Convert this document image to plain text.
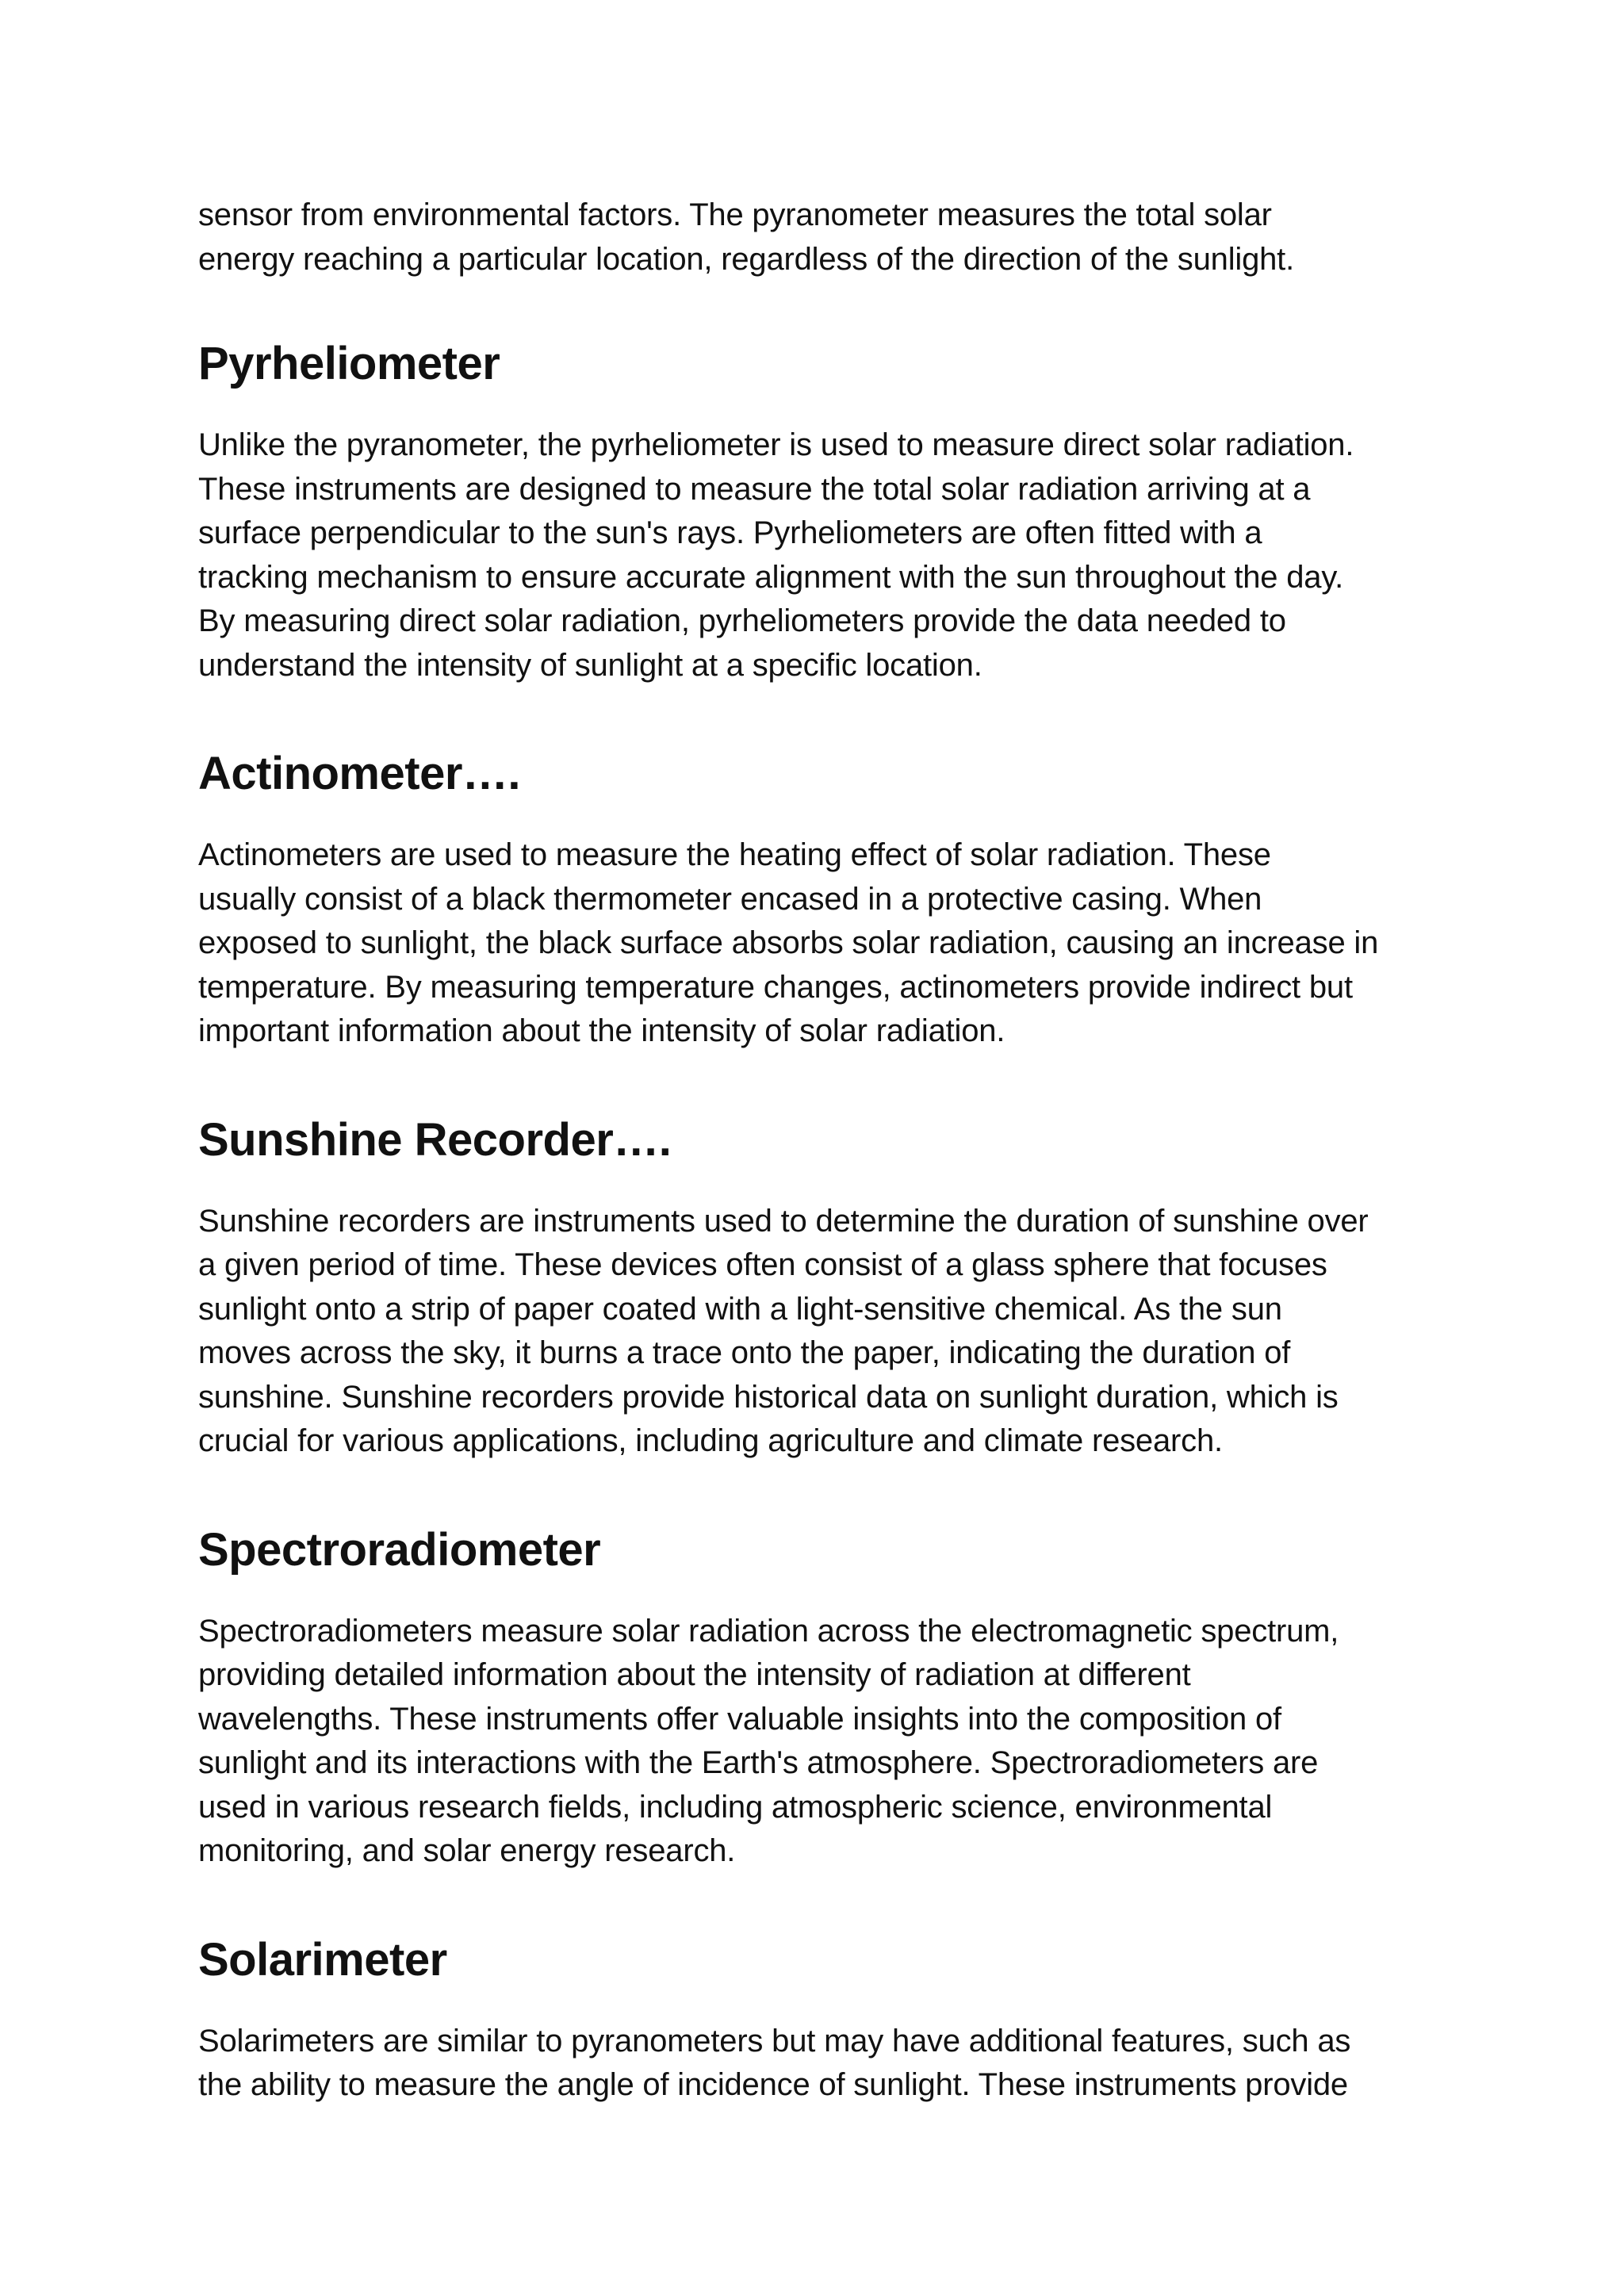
sensor from environmental factors. The pyranometer measures the total solar
energy reaching a particular location, regardless of the direction of the sunlight.

Pyrheliometer

Unlike the pyranometer, the pyrheliometer is used to measure direct solar radiation.
These instruments are designed to measure the total solar radiation arriving at a
surface perpendicular to the sun's rays. Pyrheliometers are often fitted with a
tracking mechanism to ensure accurate alignment with the sun throughout the day.
By measuring direct solar radiation, pyrheliometers provide the data needed to
understand the intensity of sunlight at a specific location.

Actinometer….

Actinometers are used to measure the heating effect of solar radiation. These
usually consist of a black thermometer encased in a protective casing. When
exposed to sunlight, the black surface absorbs solar radiation, causing an increase in
temperature. By measuring temperature changes, actinometers provide indirect but
important information about the intensity of solar radiation.

Sunshine Recorder….

Sunshine recorders are instruments used to determine the duration of sunshine over
a given period of time. These devices often consist of a glass sphere that focuses
sunlight onto a strip of paper coated with a light-sensitive chemical. As the sun
moves across the sky, it burns a trace onto the paper, indicating the duration of
sunshine. Sunshine recorders provide historical data on sunlight duration, which is
crucial for various applications, including agriculture and climate research.

Spectroradiometer

Spectroradiometers measure solar radiation across the electromagnetic spectrum,
providing detailed information about the intensity of radiation at different
wavelengths. These instruments offer valuable insights into the composition of
sunlight and its interactions with the Earth's atmosphere. Spectroradiometers are
used in various research fields, including atmospheric science, environmental
monitoring, and solar energy research.

Solarimeter

Solarimeters are similar to pyranometers but may have additional features, such as
the ability to measure the angle of incidence of sunlight. These instruments provide
